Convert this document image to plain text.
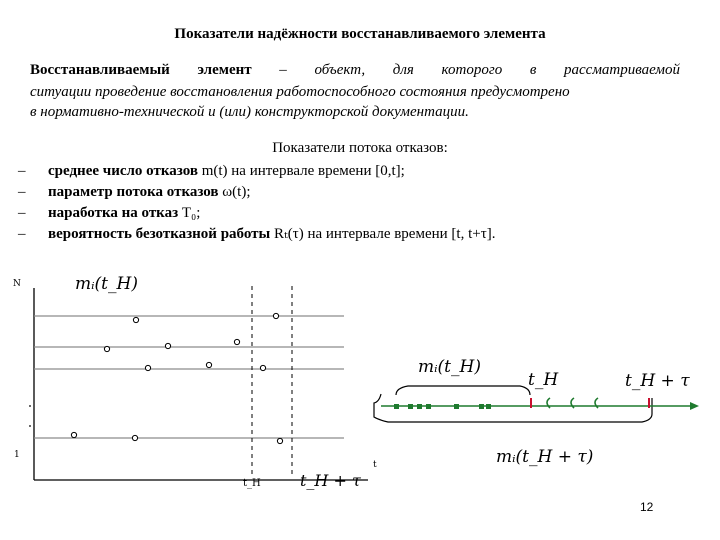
Показатели надёжности восстанавливаемого элемента
Восстанавливаемый элемент – объект, для которого в рассматриваемой
ситуации проведение восстановления работоспособного состояния предусмотрено
в нормативно-технической и (или) конструкторской документации.
Показатели потока отказов:
– среднее число отказов m(t) на интервале времени [0,t];
– параметр потока отказов ω(t);
– наработка на отказ T₀;
– вероятность безотказной работы Rₜ(τ) на интервале времени [t, t+τ].
N
1
t
mᵢ(t_H)
t_H t_H + τ
mᵢ(t_H)
t_H	t_H + τ
mᵢ(t_H + τ)
12
